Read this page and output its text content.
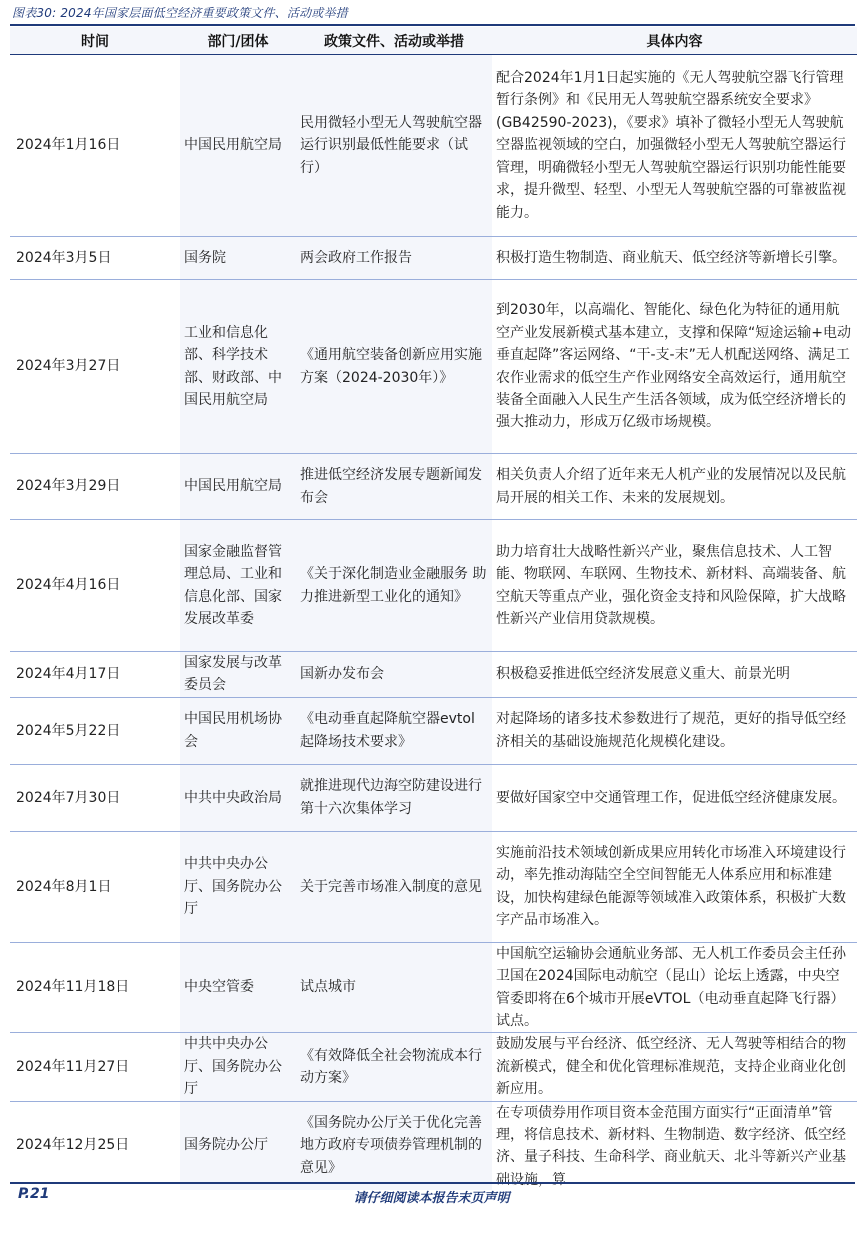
图表30: 2024年国家层面低空经济重要政策文件、活动或举措
时间	部门/团体	政策文件、活动或举措	具体内容
2024年1月16日	中国民用航空局	民用微轻小型无人驾驶航空器运行识别最低性能要求（试行）	配合2024年1月1日起实施的《无人驾驶航空器飞行管理暂行条例》和《民用无人驾驶航空器系统安全要求》(GB42590-2023)，《要求》填补了微轻小型无人驾驶航空器监视领域的空白，加强微轻小型无人驾驶航空器运行管理，明确微轻小型无人驾驶航空器运行识别功能性能要求，提升微型、轻型、小型无人驾驶航空器的可靠被监视能力。
2024年3月5日	国务院	两会政府工作报告	积极打造生物制造、商业航天、低空经济等新增长引擎。
2024年3月27日	工业和信息化部、科学技术部、财政部、中国民用航空局	《通用航空装备创新应用实施方案（2024-2030年）》	到2030年，以高端化、智能化、绿色化为特征的通用航空产业发展新模式基本建立，支撑和保障“短途运输+电动垂直起降”客运网络、“干-支-末”无人机配送网络、满足工农作业需求的低空生产作业网络安全高效运行，通用航空装备全面融入人民生产生活各领域，成为低空经济增长的强大推动力，形成万亿级市场规模。
2024年3月29日	中国民用航空局	推进低空经济发展专题新闻发布会	相关负责人介绍了近年来无人机产业的发展情况以及民航局开展的相关工作、未来的发展规划。
2024年4月16日	国家金融监督管理总局、工业和信息化部、国家发展改革委	《关于深化制造业金融服务 助力推进新型工业化的通知》	助力培育壮大战略性新兴产业，聚焦信息技术、人工智能、物联网、车联网、生物技术、新材料、高端装备、航空航天等重点产业，强化资金支持和风险保障，扩大战略性新兴产业信用贷款规模。
2024年4月17日	国家发展与改革委员会	国新办发布会	积极稳妥推进低空经济发展意义重大、前景光明
2024年5月22日	中国民用机场协会	《电动垂直起降航空器evtol起降场技术要求》	对起降场的诸多技术参数进行了规范，更好的指导低空经济相关的基础设施规范化规模化建设。
2024年7月30日	中共中央政治局	就推进现代边海空防建设进行第十六次集体学习	要做好国家空中交通管理工作，促进低空经济健康发展。
2024年8月1日	中共中央办公厅、国务院办公厅	关于完善市场准入制度的意见	实施前沿技术领域创新成果应用转化市场准入环境建设行动，率先推动海陆空全空间智能无人体系应用和标准建设，加快构建绿色能源等领域准入政策体系，积极扩大数字产品市场准入。
2024年11月18日	中央空管委	试点城市	中国航空运输协会通航业务部、无人机工作委员会主任孙卫国在2024国际电动航空（昆山）论坛上透露，中央空管委即将在6个城市开展eVTOL（电动垂直起降飞行器）试点。
2024年11月27日	中共中央办公厅、国务院办公厅	《有效降低全社会物流成本行动方案》	鼓励发展与平台经济、低空经济、无人驾驶等相结合的物流新模式，健全和优化管理标准规范，支持企业商业化创新应用。
2024年12月25日	国务院办公厅	《国务院办公厅关于优化完善地方政府专项债券管理机制的意见》	在专项债券用作项目资本金范围方面实行“正面清单”管理，将信息技术、新材料、生物制造、数字经济、低空经济、量子科技、生命科学、商业航天、北斗等新兴产业基础设施，算
P.21	请仔细阅读本报告末页声明
